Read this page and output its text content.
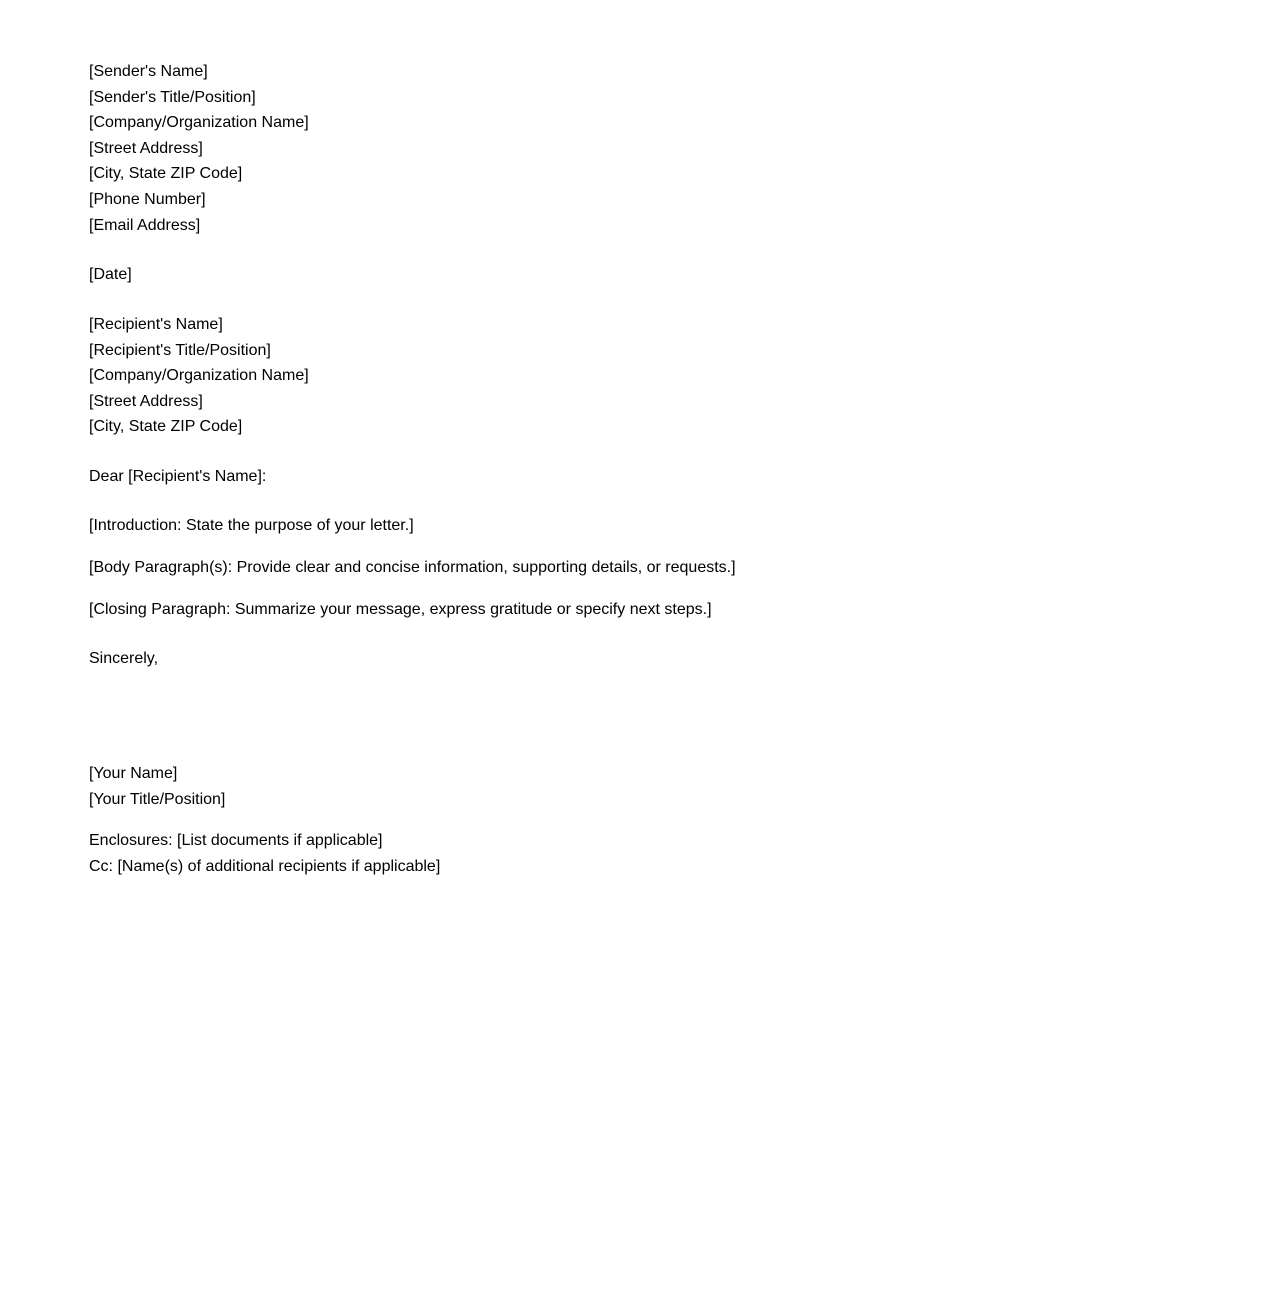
[Sender's Name]
[Sender's Title/Position]
[Company/Organization Name]
[Street Address]
[City, State ZIP Code]
[Phone Number]
[Email Address]
[Date]
[Recipient's Name]
[Recipient's Title/Position]
[Company/Organization Name]
[Street Address]
[City, State ZIP Code]
Dear [Recipient's Name]:
[Introduction: State the purpose of your letter.]
[Body Paragraph(s): Provide clear and concise information, supporting details, or requests.]
[Closing Paragraph: Summarize your message, express gratitude or specify next steps.]
Sincerely,
[Your Name]
[Your Title/Position]
Enclosures: [List documents if applicable]
Cc: [Name(s) of additional recipients if applicable]
